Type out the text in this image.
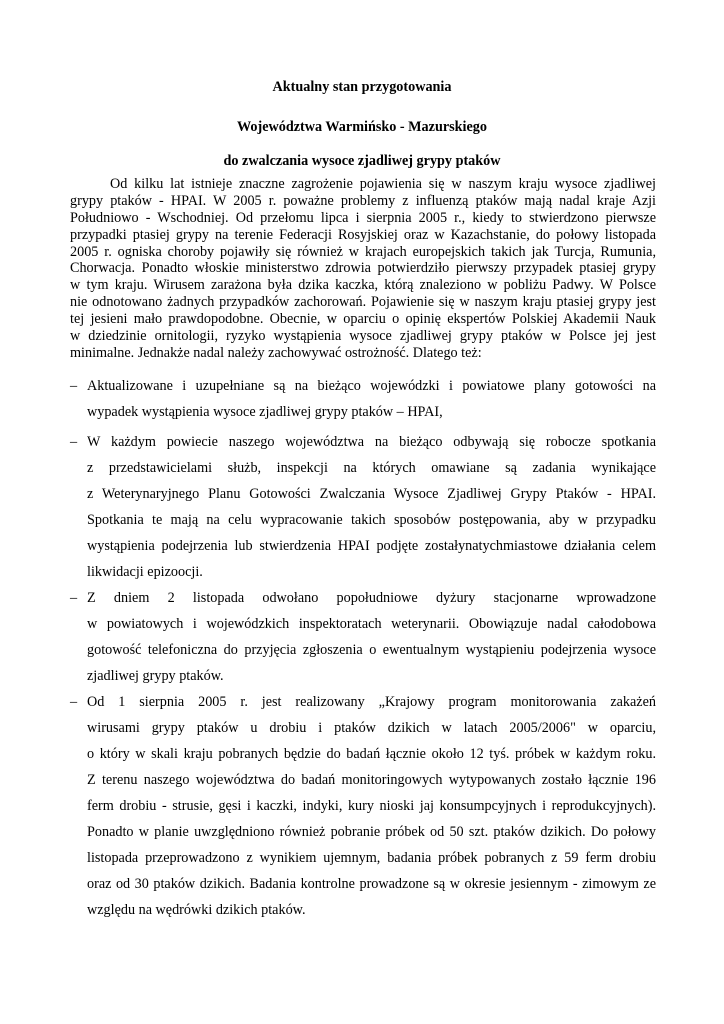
Aktualny stan przygotowania
Województwa Warmińsko - Mazurskiego
do zwalczania wysoce zjadliwej grypy ptaków
Od kilku lat istnieje znaczne zagrożenie pojawienia się w naszym kraju wysoce zjadliwej
grypy ptaków - HPAI. W 2005 r. poważne problemy z influenzą ptaków mają nadal kraje Azji
Południowo - Wschodniej. Od przełomu lipca i sierpnia 2005 r., kiedy to stwierdzono pierwsze
przypadki ptasiej grypy na terenie Federacji Rosyjskiej oraz w Kazachstanie, do połowy listopada
2005 r. ogniska choroby pojawiły się również w krajach europejskich takich jak Turcja, Rumunia,
Chorwacja. Ponadto włoskie ministerstwo zdrowia potwierdziło pierwszy przypadek ptasiej grypy
w tym kraju. Wirusem zarażona była dzika kaczka, którą znaleziono w pobliżu Padwy. W Polsce
nie odnotowano żadnych przypadków zachorowań. Pojawienie się w naszym kraju ptasiej grypy jest
tej jesieni mało prawdopodobne. Obecnie, w oparciu o opinię ekspertów Polskiej Akademii Nauk
w dziedzinie ornitologii, ryzyko wystąpienia wysoce zjadliwej grypy ptaków w Polsce jej jest
minimalne. Jednakże nadal należy zachowywać ostrożność. Dlatego też:
– Aktualizowane i uzupełniane są na bieżąco wojewódzki i powiatowe plany gotowości na
wypadek wystąpienia wysoce zjadliwej grypy ptaków – HPAI,
– W każdym powiecie naszego województwa na bieżąco odbywają się robocze spotkania
z przedstawicielami służb, inspekcji na których omawiane są zadania wynikające
z Weterynaryjnego Planu Gotowości Zwalczania Wysoce Zjadliwej Grypy Ptaków - HPAI.
Spotkania te mają na celu wypracowanie takich sposobów postępowania, aby w przypadku
wystąpienia podejrzenia lub stwierdzenia HPAI podjęte zostałynatychmiastowe działania celem
likwidacji epizoocji.
– Z dniem 2 listopada odwołano popołudniowe dyżury stacjonarne wprowadzone
w powiatowych i wojewódzkich inspektoratach weterynarii. Obowiązuje nadal całodobowa
gotowość telefoniczna do przyjęcia zgłoszenia o ewentualnym wystąpieniu podejrzenia wysoce
zjadliwej grypy ptaków.
– Od 1 sierpnia 2005 r. jest realizowany „Krajowy program monitorowania zakażeń
wirusami grypy ptaków u drobiu i ptaków dzikich w latach 2005/2006" w oparciu,
o który w skali kraju pobranych będzie do badań łącznie około 12 tyś. próbek w każdym roku.
Z terenu naszego województwa do badań monitoringowych wytypowanych zostało łącznie 196
ferm drobiu - strusie, gęsi i kaczki, indyki, kury nioski jaj konsumpcyjnych i reprodukcyjnych).
Ponadto w planie uwzględniono również pobranie próbek od 50 szt. ptaków dzikich. Do połowy
listopada przeprowadzono z wynikiem ujemnym, badania próbek pobranych z 59 ferm drobiu
oraz od 30 ptaków dzikich. Badania kontrolne prowadzone są w okresie jesiennym - zimowym ze
względu na wędrówki dzikich ptaków.
